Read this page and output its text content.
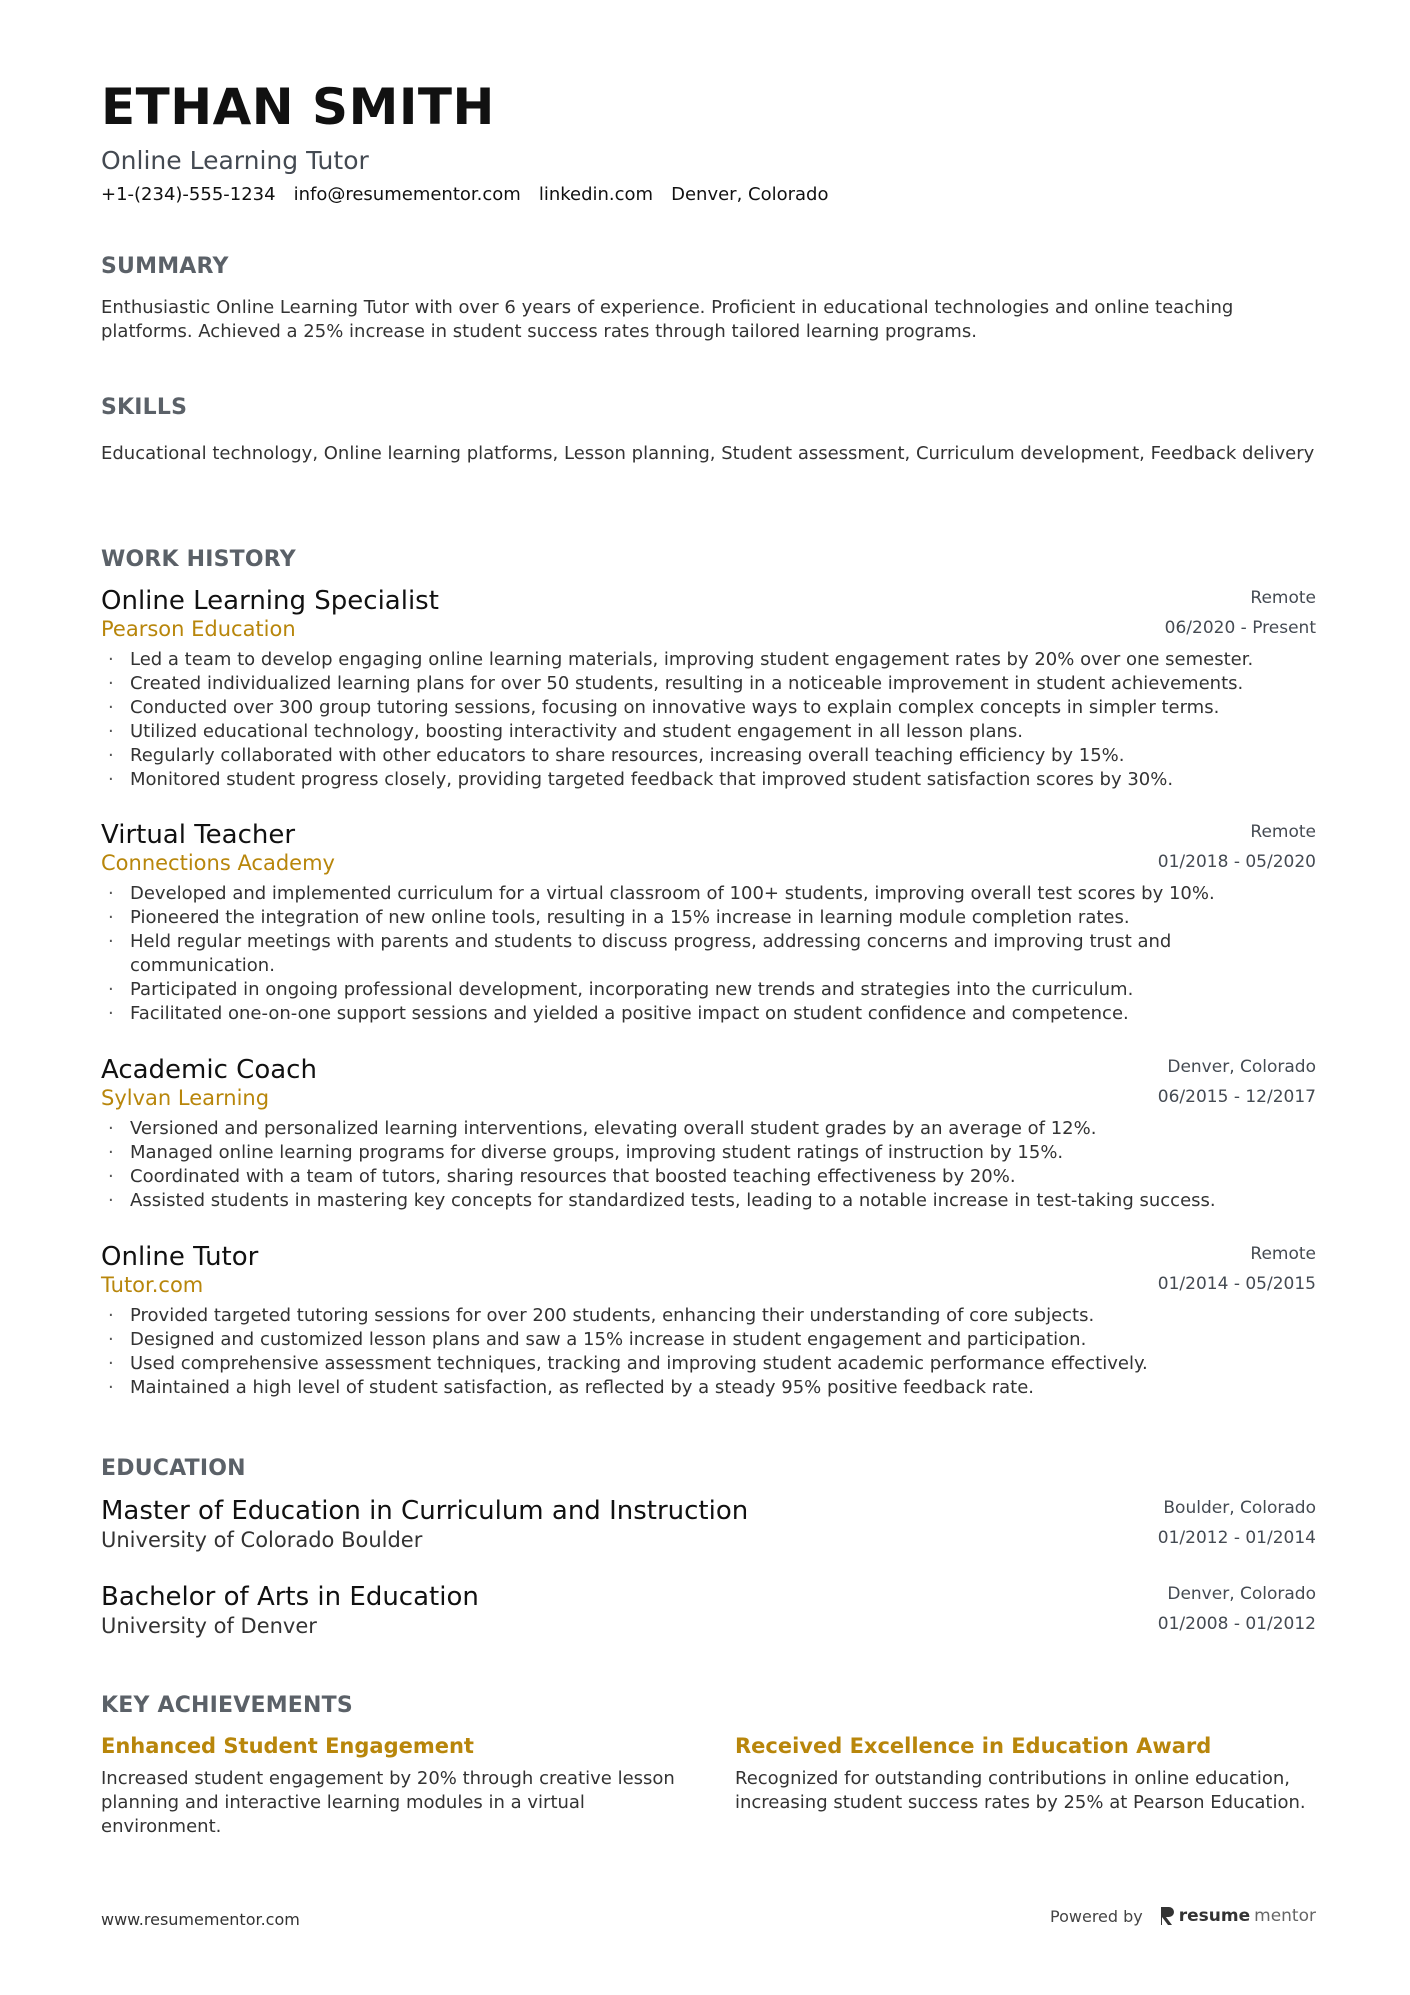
ETHAN SMITH
Online Learning Tutor
+1-(234)-555-1234 info@resumementor.com linkedin.com Denver, Colorado
SUMMARY
Enthusiastic Online Learning Tutor with over 6 years of experience. Proficient in educational technologies and online teaching platforms. Achieved a 25% increase in student success rates through tailored learning programs.
SKILLS
Educational technology, Online learning platforms, Lesson planning, Student assessment, Curriculum development, Feedback delivery
WORK HISTORY
Online Learning Specialist
Pearson Education
Remote
06/2020 - Present
· Led a team to develop engaging online learning materials, improving student engagement rates by 20% over one semester.
· Created individualized learning plans for over 50 students, resulting in a noticeable improvement in student achievements.
· Conducted over 300 group tutoring sessions, focusing on innovative ways to explain complex concepts in simpler terms.
· Utilized educational technology, boosting interactivity and student engagement in all lesson plans.
· Regularly collaborated with other educators to share resources, increasing overall teaching efficiency by 15%.
· Monitored student progress closely, providing targeted feedback that improved student satisfaction scores by 30%.
Virtual Teacher
Connections Academy
Remote
01/2018 - 05/2020
· Developed and implemented curriculum for a virtual classroom of 100+ students, improving overall test scores by 10%.
· Pioneered the integration of new online tools, resulting in a 15% increase in learning module completion rates.
· Held regular meetings with parents and students to discuss progress, addressing concerns and improving trust and communication.
· Participated in ongoing professional development, incorporating new trends and strategies into the curriculum.
· Facilitated one-on-one support sessions and yielded a positive impact on student confidence and competence.
Academic Coach
Sylvan Learning
Denver, Colorado
06/2015 - 12/2017
· Versioned and personalized learning interventions, elevating overall student grades by an average of 12%.
· Managed online learning programs for diverse groups, improving student ratings of instruction by 15%.
· Coordinated with a team of tutors, sharing resources that boosted teaching effectiveness by 20%.
· Assisted students in mastering key concepts for standardized tests, leading to a notable increase in test-taking success.
Online Tutor
Tutor.com
Remote
01/2014 - 05/2015
· Provided targeted tutoring sessions for over 200 students, enhancing their understanding of core subjects.
· Designed and customized lesson plans and saw a 15% increase in student engagement and participation.
· Used comprehensive assessment techniques, tracking and improving student academic performance effectively.
· Maintained a high level of student satisfaction, as reflected by a steady 95% positive feedback rate.
EDUCATION
Master of Education in Curriculum and Instruction
University of Colorado Boulder
Boulder, Colorado
01/2012 - 01/2014
Bachelor of Arts in Education
University of Denver
Denver, Colorado
01/2008 - 01/2012
KEY ACHIEVEMENTS
Enhanced Student Engagement
Increased student engagement by 20% through creative lesson planning and interactive learning modules in a virtual environment.
Received Excellence in Education Award
Recognized for outstanding contributions in online education, increasing student success rates by 25% at Pearson Education.
www.resumementor.com	Powered by resume mentor
